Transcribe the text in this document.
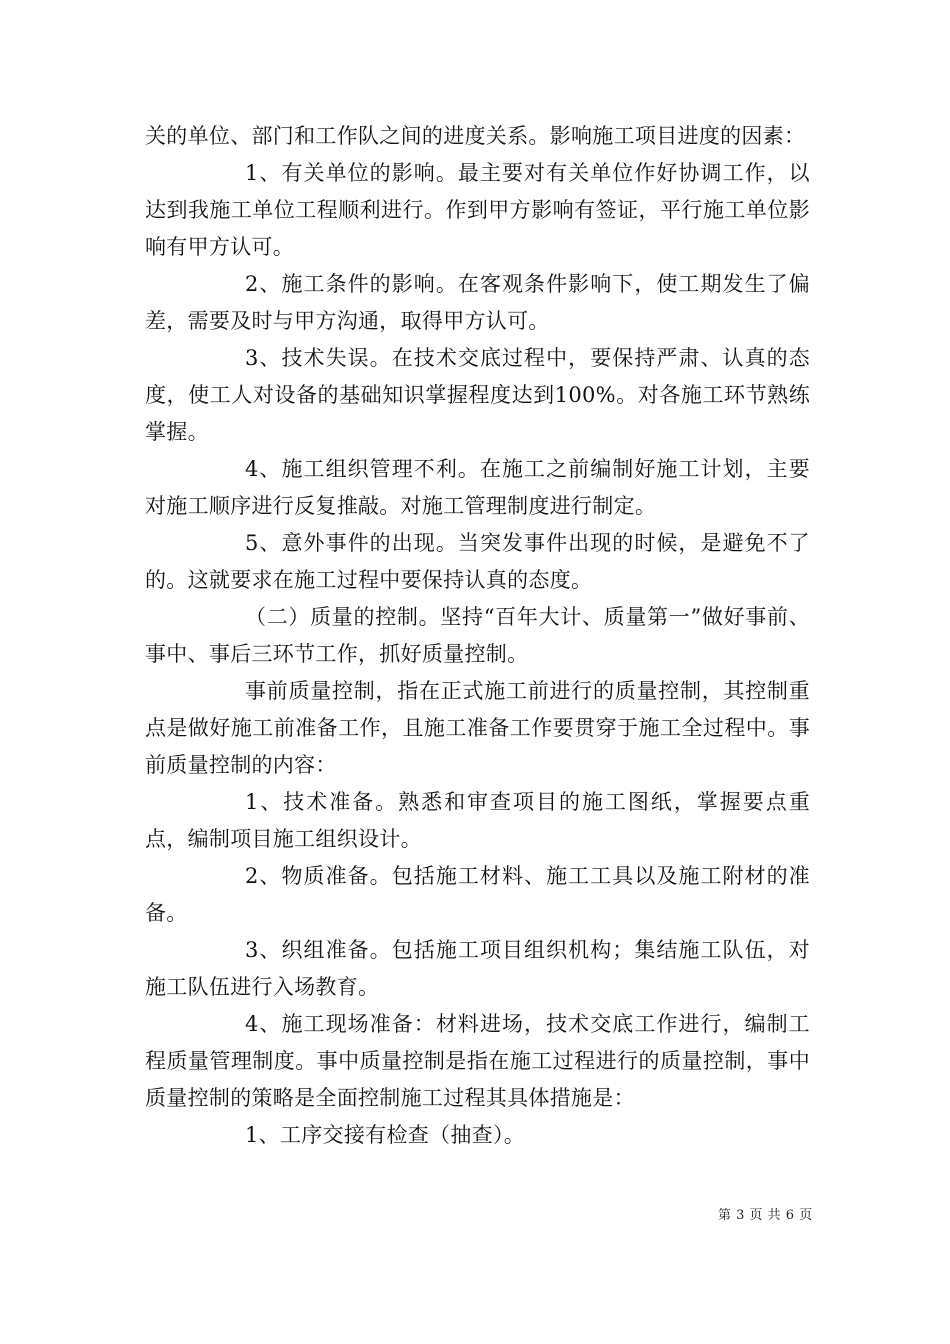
关的单位、部门和工作队之间的进度关系。影响施工项目进度的因素：

1、有关单位的影响。最主要对有关单位作好协调工作，以达到我施工单位工程顺利进行。作到甲方影响有签证，平行施工单位影响有甲方认可。

2、施工条件的影响。在客观条件影响下，使工期发生了偏差，需要及时与甲方沟通，取得甲方认可。

3、技术失误。在技术交底过程中，要保持严肃、认真的态度，使工人对设备的基础知识掌握程度达到100%。对各施工环节熟练掌握。

4、施工组织管理不利。在施工之前编制好施工计划，主要对施工顺序进行反复推敲。对施工管理制度进行制定。

5、意外事件的出现。当突发事件出现的时候，是避免不了的。这就要求在施工过程中要保持认真的态度。

（二）质量的控制。坚持“百年大计、质量第一”做好事前、事中、事后三环节工作，抓好质量控制。

事前质量控制，指在正式施工前进行的质量控制，其控制重点是做好施工前准备工作，且施工准备工作要贯穿于施工全过程中。事前质量控制的内容：

1、技术准备。熟悉和审查项目的施工图纸，掌握要点重点，编制项目施工组织设计。

2、物质准备。包括施工材料、施工工具以及施工附材的准备。

3、织组准备。包括施工项目组织机构；集结施工队伍，对施工队伍进行入场教育。

4、施工现场准备：材料进场，技术交底工作进行，编制工程质量管理制度。事中质量控制是指在施工过程进行的质量控制，事中质量控制的策略是全面控制施工过程其具体措施是：

1、工序交接有检查（抽查）。

第 3 页 共 6 页
